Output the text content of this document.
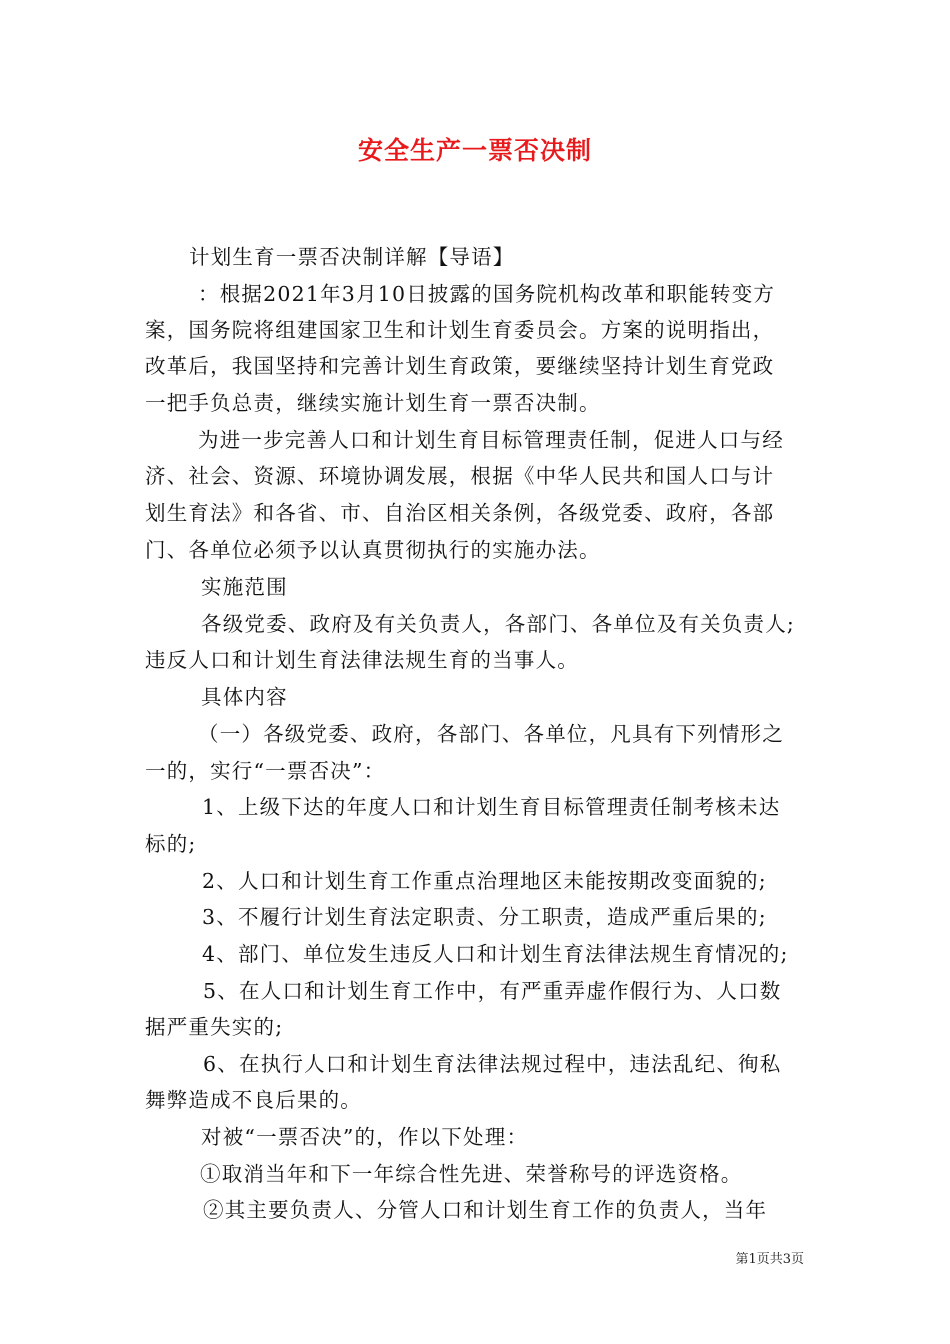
安全生产一票否决制
计划生育一票否决制详解【导语】
：根据2021年3月10日披露的国务院机构改革和职能转变方
案，国务院将组建国家卫生和计划生育委员会。方案的说明指出，
改革后，我国坚持和完善计划生育政策，要继续坚持计划生育党政
一把手负总责，继续实施计划生育一票否决制。
为进一步完善人口和计划生育目标管理责任制，促进人口与经
济、社会、资源、环境协调发展，根据《中华人民共和国人口与计
划生育法》和各省、市、自治区相关条例，各级党委、政府，各部
门、各单位必须予以认真贯彻执行的实施办法。
实施范围
各级党委、政府及有关负责人，各部门、各单位及有关负责人;
违反人口和计划生育法律法规生育的当事人。
具体内容
（一）各级党委、政府，各部门、各单位，凡具有下列情形之
一的，实行“一票否决”：
1、上级下达的年度人口和计划生育目标管理责任制考核未达
标的;
2、人口和计划生育工作重点治理地区未能按期改变面貌的;
3、不履行计划生育法定职责、分工职责，造成严重后果的;
4、部门、单位发生违反人口和计划生育法律法规生育情况的;
5、在人口和计划生育工作中，有严重弄虚作假行为、人口数
据严重失实的;
6、在执行人口和计划生育法律法规过程中，违法乱纪、徇私
舞弊造成不良后果的。
对被“一票否决”的，作以下处理：
①取消当年和下一年综合性先进、荣誉称号的评选资格。
②其主要负责人、分管人口和计划生育工作的负责人，当年
第1页共3页
